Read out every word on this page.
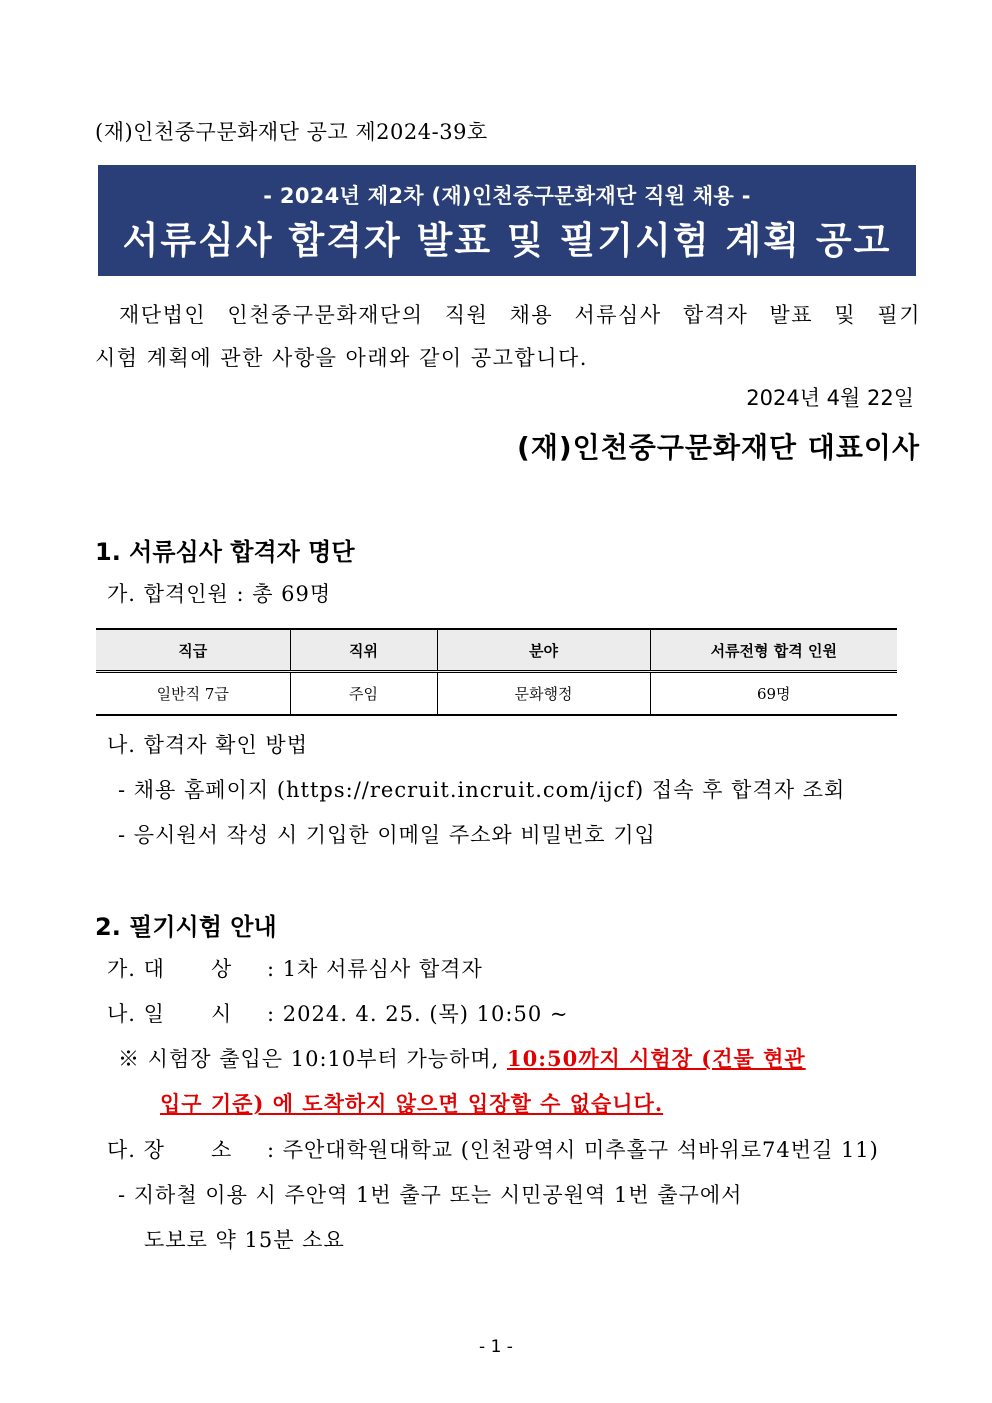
(재)인천중구문화재단 공고 제2024-39호
- 2024년 제2차 (재)인천중구문화재단 직원 채용 -
서류심사 합격자 발표 및 필기시험 계획 공고
재단법인 인천중구문화재단의 직원 채용 서류심사 합격자 발표 및 필기
시험 계획에 관한 사항을 아래와 같이 공고합니다.
2024년 4월 22일
(재)인천중구문화재단 대표이사
1. 서류심사 합격자 명단
가. 합격인원 : 총 69명
직급	직위	분야	서류전형 합격 인원
일반직 7급	주임	문화행정	69명
나. 합격자 확인 방법
- 채용 홈페이지 (https://recruit.incruit.com/ijcf) 접속 후 합격자 조회
- 응시원서 작성 시 기입한 이메일 주소와 비밀번호 기입
2. 필기시험 안내
가. 대      상 : 1차 서류심사 합격자
나. 일      시 : 2024. 4. 25. (목) 10:50 ~
※ 시험장 출입은 10:10부터 가능하며, 10:50까지 시험장 (건물 현관
입구 기준) 에 도착하지 않으면 입장할 수 없습니다.
다. 장      소 : 주안대학원대학교 (인천광역시 미추홀구 석바위로74번길 11)
- 지하철 이용 시 주안역 1번 출구 또는 시민공원역 1번 출구에서
도보로 약 15분 소요
- 1 -
